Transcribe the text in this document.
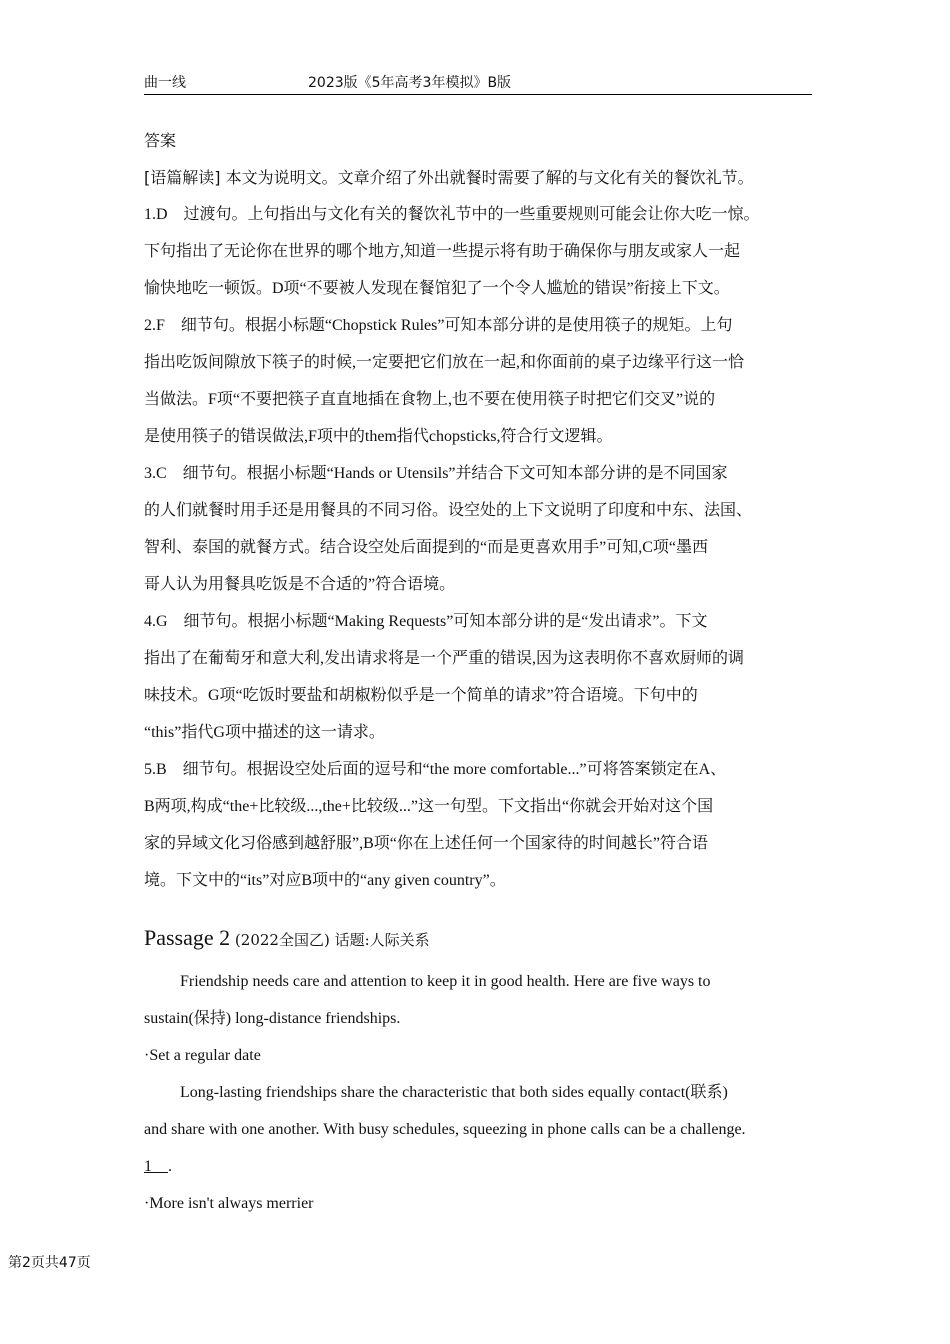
曲一线	2023版《5年高考3年模拟》B版
答案
[语篇解读] 本文为说明文。文章介绍了外出就餐时需要了解的与文化有关的餐饮礼节。
1.D　过渡句。上句指出与文化有关的餐饮礼节中的一些重要规则可能会让你大吃一惊。
下句指出了无论你在世界的哪个地方,知道一些提示将有助于确保你与朋友或家人一起
愉快地吃一顿饭。D项“不要被人发现在餐馆犯了一个令人尴尬的错误”衔接上下文。
2.F　细节句。根据小标题“Chopstick Rules”可知本部分讲的是使用筷子的规矩。上句
指出吃饭间隙放下筷子的时候,一定要把它们放在一起,和你面前的桌子边缘平行这一恰
当做法。F项“不要把筷子直直地插在食物上,也不要在使用筷子时把它们交叉”说的
是使用筷子的错误做法,F项中的them指代chopsticks,符合行文逻辑。
3.C　细节句。根据小标题“Hands or Utensils”并结合下文可知本部分讲的是不同国家
的人们就餐时用手还是用餐具的不同习俗。设空处的上下文说明了印度和中东、法国、
智利、泰国的就餐方式。结合设空处后面提到的“而是更喜欢用手”可知,C项“墨西
哥人认为用餐具吃饭是不合适的”符合语境。
4.G　细节句。根据小标题“Making Requests”可知本部分讲的是“发出请求”。下文
指出了在葡萄牙和意大利,发出请求将是一个严重的错误,因为这表明你不喜欢厨师的调
味技术。G项“吃饭时要盐和胡椒粉似乎是一个简单的请求”符合语境。下句中的
“this”指代G项中描述的这一请求。
5.B　细节句。根据设空处后面的逗号和“the more comfortable...”可将答案锁定在A、
B两项,构成“the+比较级...,the+比较级...”这一句型。下文指出“你就会开始对这个国
家的异域文化习俗感到越舒服”,B项“你在上述任何一个国家待的时间越长”符合语
境。下文中的“its”对应B项中的“any given country”。
Passage 2 (2022全国乙) 话题:人际关系
Friendship needs care and attention to keep it in good health. Here are five ways to
sustain(保持) long-distance friendships.
·Set a regular date
Long-lasting friendships share the characteristic that both sides equally contact(联系)
and share with one another. With busy schedules, squeezing in phone calls can be a challenge.
1　.
·More isn't always merrier
第2页共47页
